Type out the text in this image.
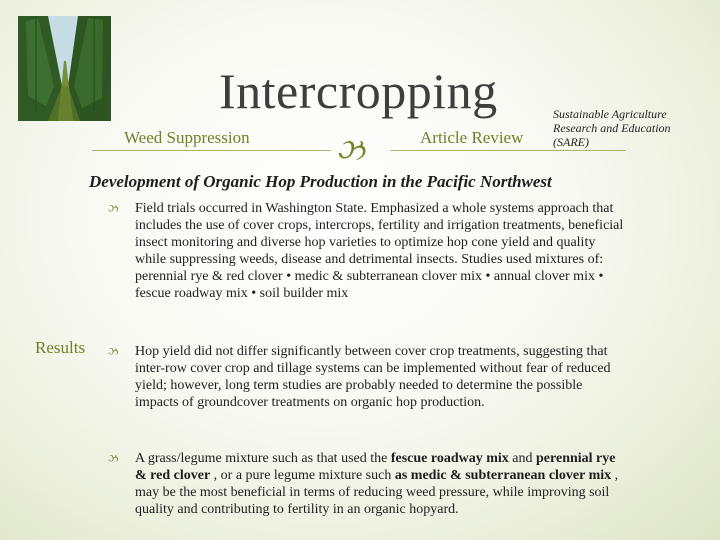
Intercropping	Sustainable Agriculture Research and Education (SARE)
Weed Suppression	Article Review
ઝ
Development of Organic Hop Production in the Pacific Northwest
Results
ઝ Field trials occurred in Washington State. Emphasized a whole systems approach that includes the use of cover crops, intercrops, fertility and irrigation treatments, beneficial insect monitoring and diverse hop varieties to optimize hop cone yield and quality while suppressing weeds, disease and detrimental insects. Studies used mixtures of: perennial rye & red clover • medic & subterranean clover mix • annual clover mix • fescue roadway mix • soil builder mix

ઝ Hop yield did not differ significantly between cover crop treatments, suggesting that inter-row cover crop and tillage systems can be implemented without fear of reduced yield; however, long term studies are probably needed to determine the possible impacts of groundcover treatments on organic hop production.

ઝ A grass/legume mixture such as that used the fescue roadway mix and perennial rye & red clover , or a pure legume mixture such as medic & subterranean clover mix , may be the most beneficial in terms of reducing weed pressure, while improving soil quality and contributing to fertility in an organic hopyard.
